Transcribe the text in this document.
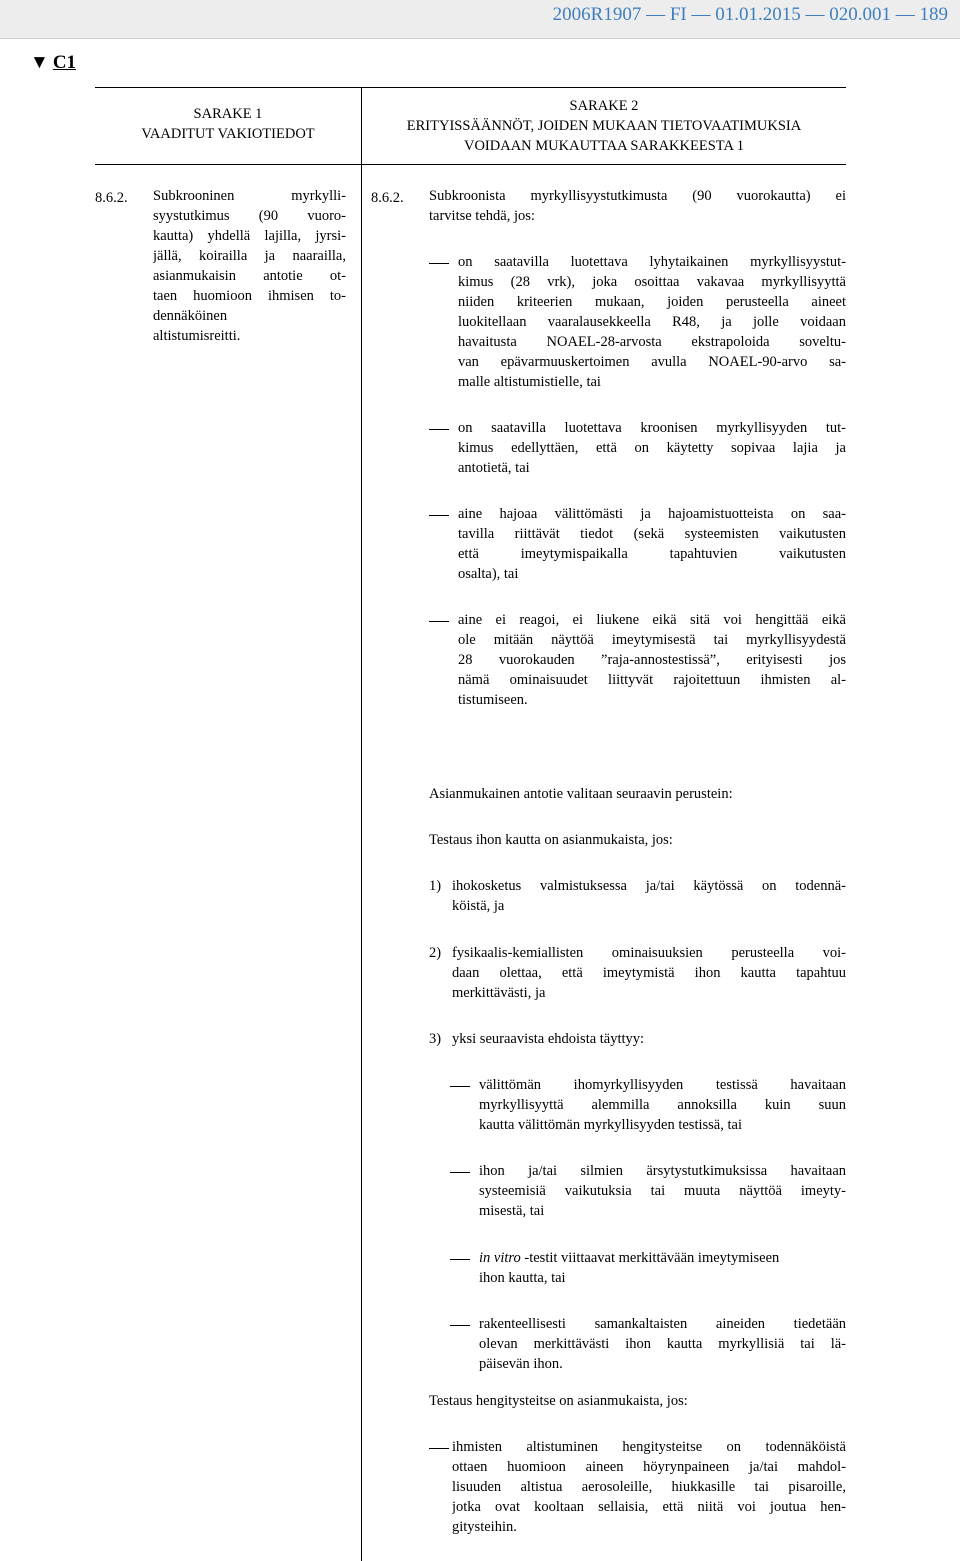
2006R1907 — FI — 01.01.2015 — 020.001 — 189
▼ C1
SARAKE 1
VAADITUT VAKIOTIEDOT
SARAKE 2
ERITYISSÄÄNNÖT, JOIDEN MUKAAN TIETOVAATIMUKSIA
VOIDAAN MUKAUTTAA SARAKKEESTA 1
8.6.2. Subkrooninen myrkylli-
syystutkimus (90 vuoro-
kautta) yhdellä lajilla, jyrsi-
jällä, koirailla ja naarailla,
asianmukaisin antotie ot-
taen huomioon ihmisen to-
dennäköinen
altistumisreitti.
8.6.2. Subkroonista myrkyllisyystutkimusta (90 vuorokautta) ei
tarvitse tehdä, jos:
on saatavilla luotettava lyhytaikainen myrkyllisyystut-
kimus (28 vrk), joka osoittaa vakavaa myrkyllisyyttä
niiden kriteerien mukaan, joiden perusteella aineet
luokitellaan vaaralausekkeella R48, ja jolle voidaan
havaitusta NOAEL-28-arvosta ekstrapoloida soveltu-
van epävarmuuskertoimen avulla NOAEL-90-arvo sa-
malle altistumistielle, tai
on saatavilla luotettava kroonisen myrkyllisyyden tut-
kimus edellyttäen, että on käytetty sopivaa lajia ja
antotietä, tai
aine hajoaa välittömästi ja hajoamistuotteista on saa-
tavilla riittävät tiedot (sekä systeemisten vaikutusten
että imeytymispaikalla tapahtuvien vaikutusten
osalta), tai
aine ei reagoi, ei liukene eikä sitä voi hengittää eikä
ole mitään näyttöä imeytymisestä tai myrkyllisyydestä
28 vuorokauden ”raja-annostestissä”, erityisesti jos
nämä ominaisuudet liittyvät rajoitettuun ihmisten al-
tistumiseen.
Asianmukainen antotie valitaan seuraavin perustein:
Testaus ihon kautta on asianmukaista, jos:
1) ihokosketus valmistuksessa ja/tai käytössä on todennä-
köistä, ja
2) fysikaalis-kemiallisten ominaisuuksien perusteella voi-
daan olettaa, että imeytymistä ihon kautta tapahtuu
merkittävästi, ja
3) yksi seuraavista ehdoista täyttyy:
välittömän ihomyrkyllisyyden testissä havaitaan
myrkyllisyyttä alemmilla annoksilla kuin suun
kautta välittömän myrkyllisyyden testissä, tai
ihon ja/tai silmien ärsytystutkimuksissa havaitaan
systeemisiä vaikutuksia tai muuta näyttöä imeyty-
misestä, tai
in vitro -testit viittaavat merkittävään imeytymiseen
ihon kautta, tai
rakenteellisesti samankaltaisten aineiden tiedetään
olevan merkittävästi ihon kautta myrkyllisiä tai lä-
päisevän ihon.
Testaus hengitysteitse on asianmukaista, jos:
ihmisten altistuminen hengitysteitse on todennäköistä
ottaen huomioon aineen höyrynpaineen ja/tai mahdol-
lisuuden altistua aerosoleille, hiukkasille tai pisaroille,
jotka ovat kooltaan sellaisia, että niitä voi joutua hen-
gitysteihin.
